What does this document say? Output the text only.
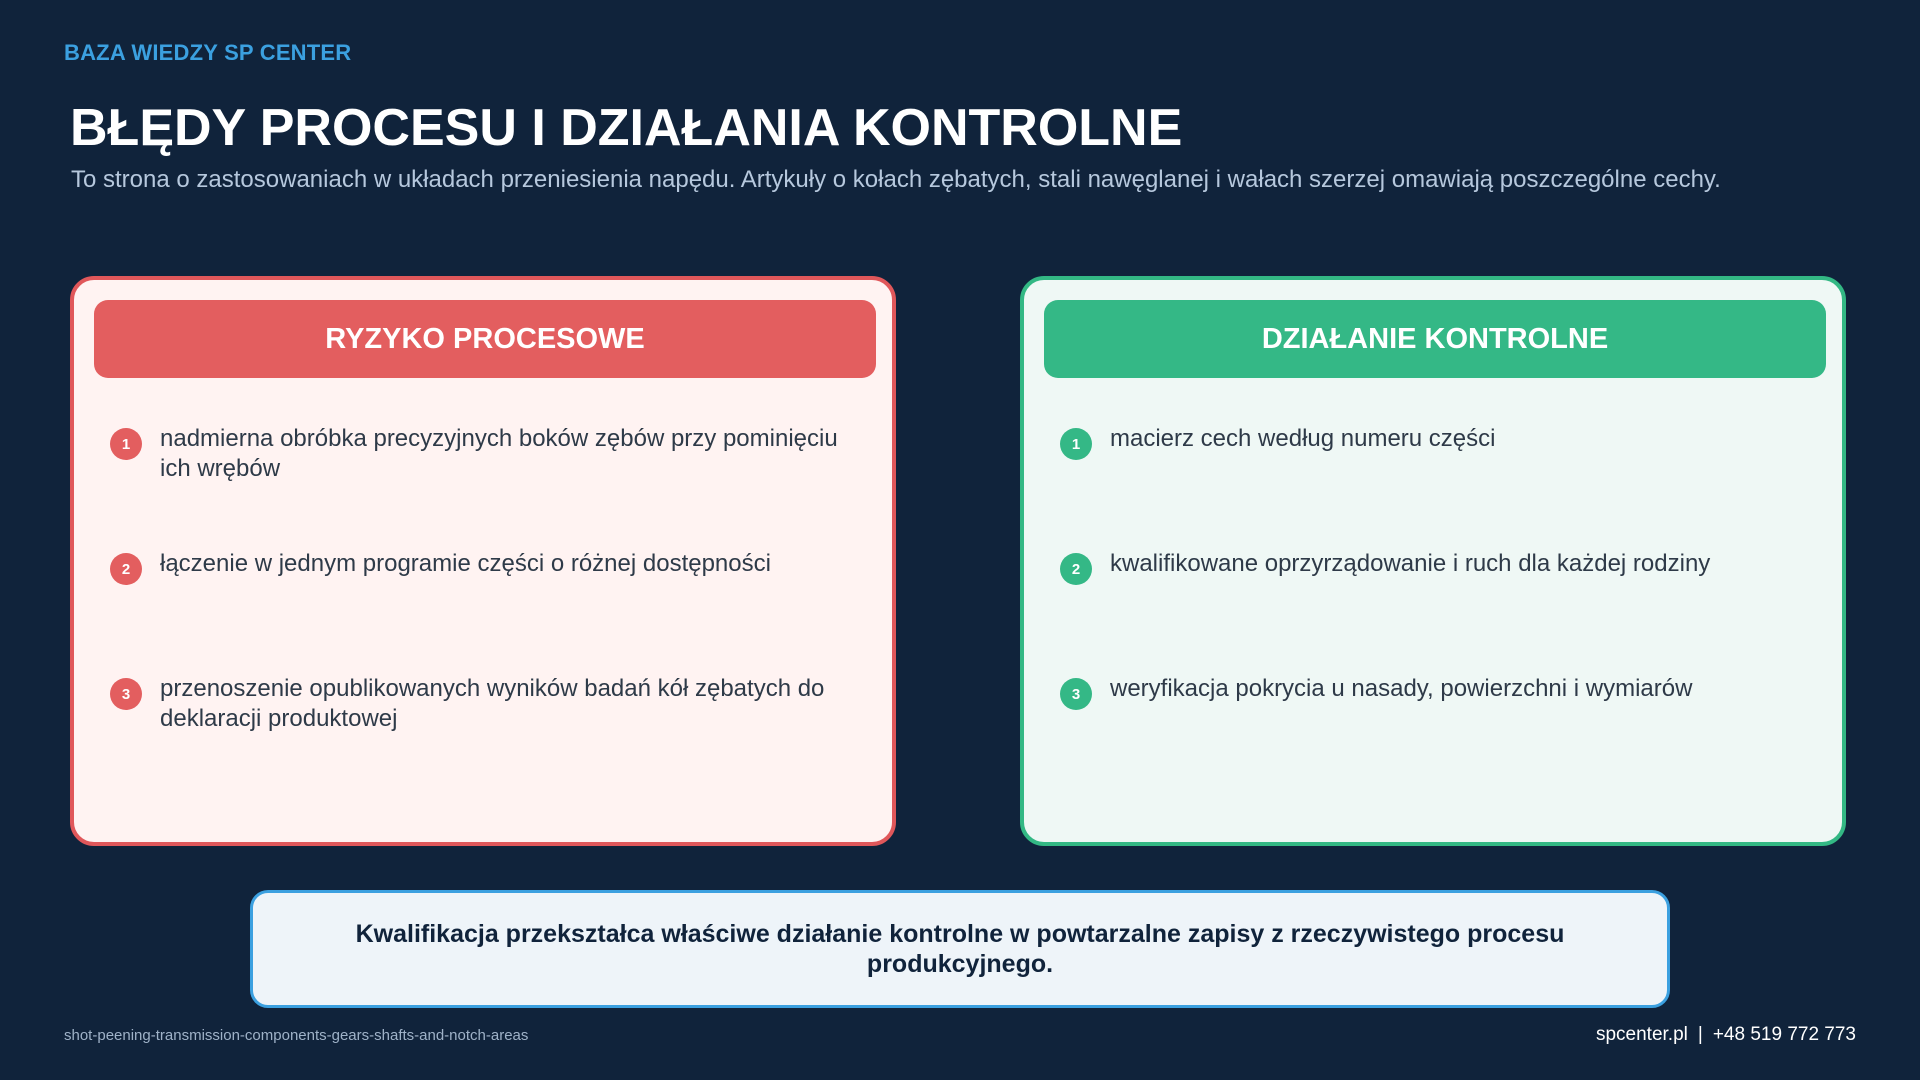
BAZA WIEDZY SP CENTER
BŁĘDY PROCESU I DZIAŁANIA KONTROLNE
To strona o zastosowaniach w układach przeniesienia napędu. Artykuły o kołach zębatych, stali nawęglanej i wałach szerzej omawiają poszczególne cechy.
RYZYKO PROCESOWE
1	nadmierna obróbka precyzyjnych boków zębów przy pominięciu ich wrębów
2	łączenie w jednym programie części o różnej dostępności
3	przenoszenie opublikowanych wyników badań kół zębatych do deklaracji produktowej
DZIAŁANIE KONTROLNE
1	macierz cech według numeru części
2	kwalifikowane oprzyrządowanie i ruch dla każdej rodziny
3	weryfikacja pokrycia u nasady, powierzchni i wymiarów
Kwalifikacja przekształca właściwe działanie kontrolne w powtarzalne zapisy z rzeczywistego procesu produkcyjnego.
shot-peening-transmission-components-gears-shafts-and-notch-areas	spcenter.pl | +48 519 772 773
